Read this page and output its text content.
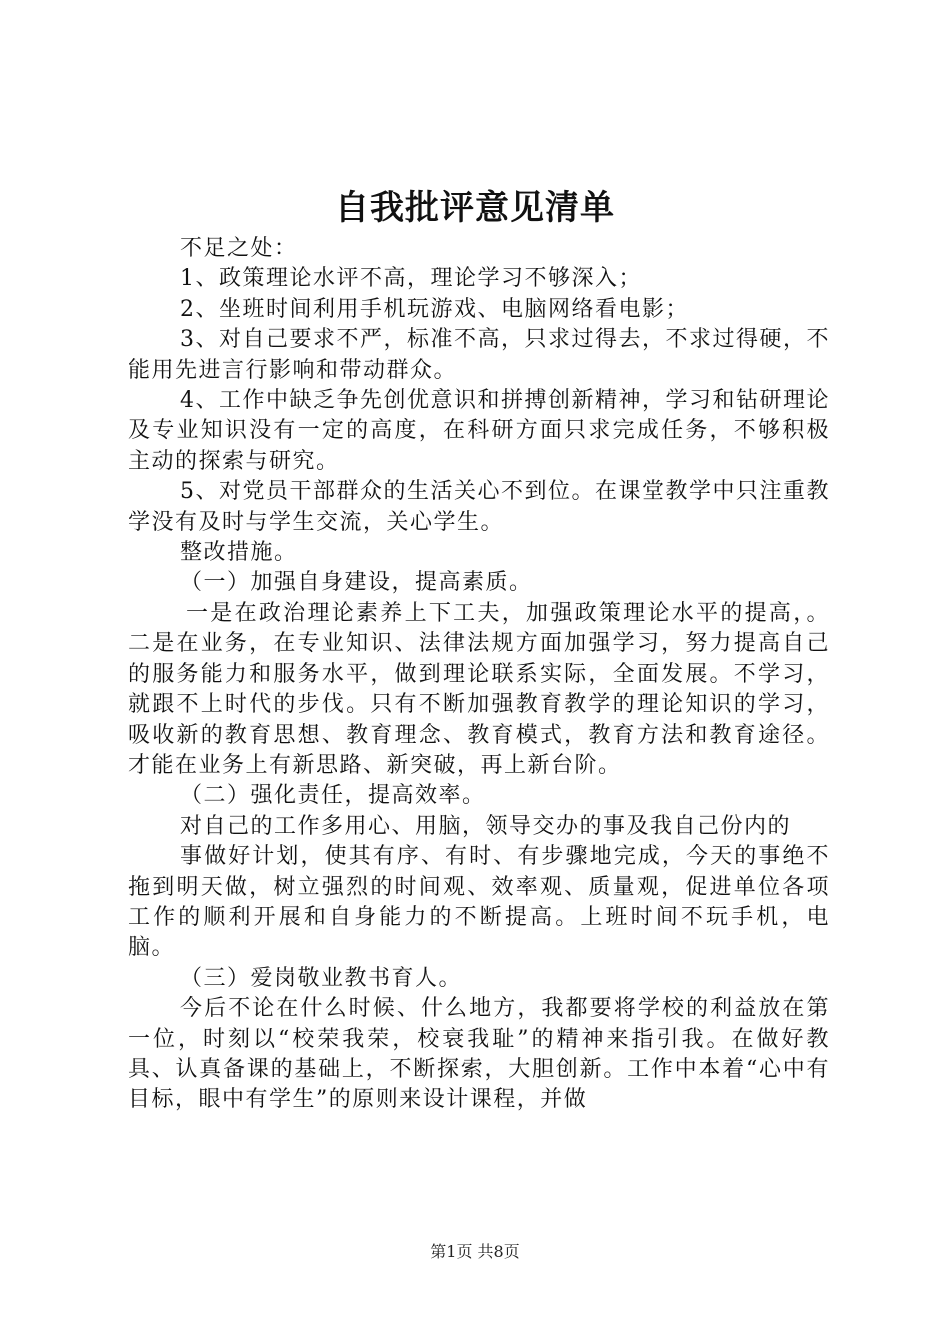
自我批评意见清单

不足之处：

1、政策理论水评不高，理论学习不够深入；

2、坐班时间利用手机玩游戏、电脑网络看电影；

3、对自己要求不严，标准不高，只求过得去，不求过得硬，不能用先进言行影响和带动群众。

4、工作中缺乏争先创优意识和拼搏创新精神，学习和钻研理论及专业知识没有一定的高度，在科研方面只求完成任务，不够积极主动的探索与研究。

5、对党员干部群众的生活关心不到位。在课堂教学中只注重教学没有及时与学生交流，关心学生。

整改措施。

（一）加强自身建设，提高素质。

一是在政治理论素养上下工夫，加强政策理论水平的提高，。二是在业务，在专业知识、法律法规方面加强学习，努力提高自己的服务能力和服务水平，做到理论联系实际，全面发展。不学习，就跟不上时代的步伐。只有不断加强教育教学的理论知识的学习，吸收新的教育思想、教育理念、教育模式，教育方法和教育途径。才能在业务上有新思路、新突破，再上新台阶。

（二）强化责任，提高效率。

对自己的工作多用心、用脑，领导交办的事及我自己份内的

事做好计划，使其有序、有时、有步骤地完成，今天的事绝不拖到明天做，树立强烈的时间观、效率观、质量观，促进单位各项工作的顺利开展和自身能力的不断提高。上班时间不玩手机，电脑。

（三）爱岗敬业教书育人。

今后不论在什么时候、什么地方，我都要将学校的利益放在第一位，时刻以“校荣我荣，校衰我耻”的精神来指引我。在做好教具、认真备课的基础上，不断探索，大胆创新。工作中本着“心中有目标，眼中有学生”的原则来设计课程，并做

第1页 共8页
